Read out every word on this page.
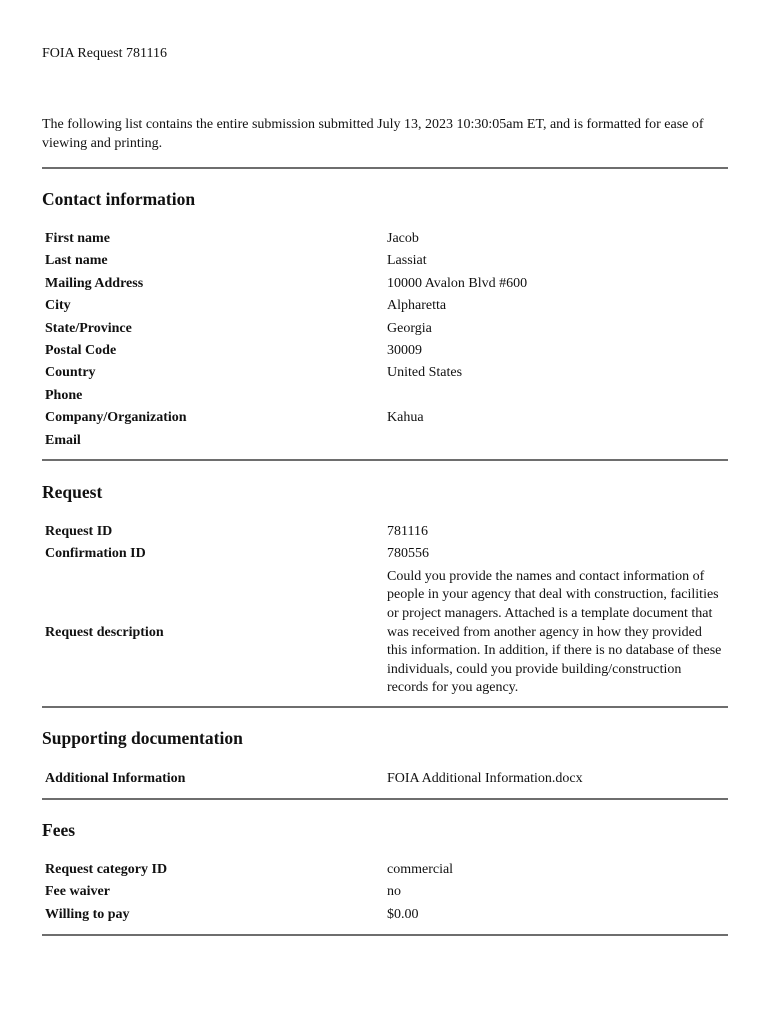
FOIA Request 781116

The following list contains the entire submission submitted July 13, 2023 10:30:05am ET, and is formatted for ease of viewing and printing.

Contact information
First name	Jacob
Last name	Lassiat
Mailing Address	10000 Avalon Blvd #600
City	Alpharetta
State/Province	Georgia
Postal Code	30009
Country	United States
Phone	
Company/Organization	Kahua
Email	
Request
Request ID	781116
Confirmation ID	780556
Request description	Could you provide the names and contact information of people in your agency that deal with construction, facilities or project managers. Attached is a template document that was received from another agency in how they provided this information. In addition, if there is no database of these individuals, could you provide building/construction records for you agency.
Supporting documentation
Additional Information	FOIA Additional Information.docx
Fees
Request category ID	commercial
Fee waiver	no
Willing to pay	$0.00
